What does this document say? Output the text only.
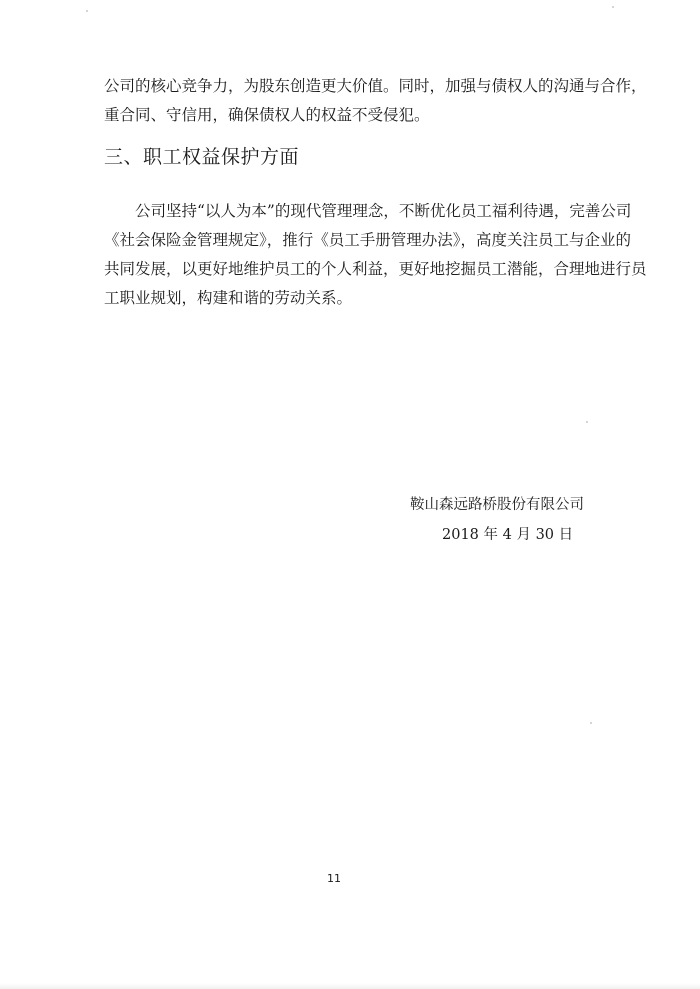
公司的核心竞争力，为股东创造更大价值。同时，加强与债权人的沟通与合作，
重合同、守信用，确保债权人的权益不受侵犯。

三、职工权益保护方面

公司坚持“以人为本”的现代管理理念，不断优化员工福利待遇，完善公司
《社会保险金管理规定》，推行《员工手册管理办法》，高度关注员工与企业的
共同发展，以更好地维护员工的个人利益，更好地挖掘员工潜能，合理地进行员
工职业规划，构建和谐的劳动关系。

鞍山森远路桥股份有限公司
2018 年 4 月 30 日
11
